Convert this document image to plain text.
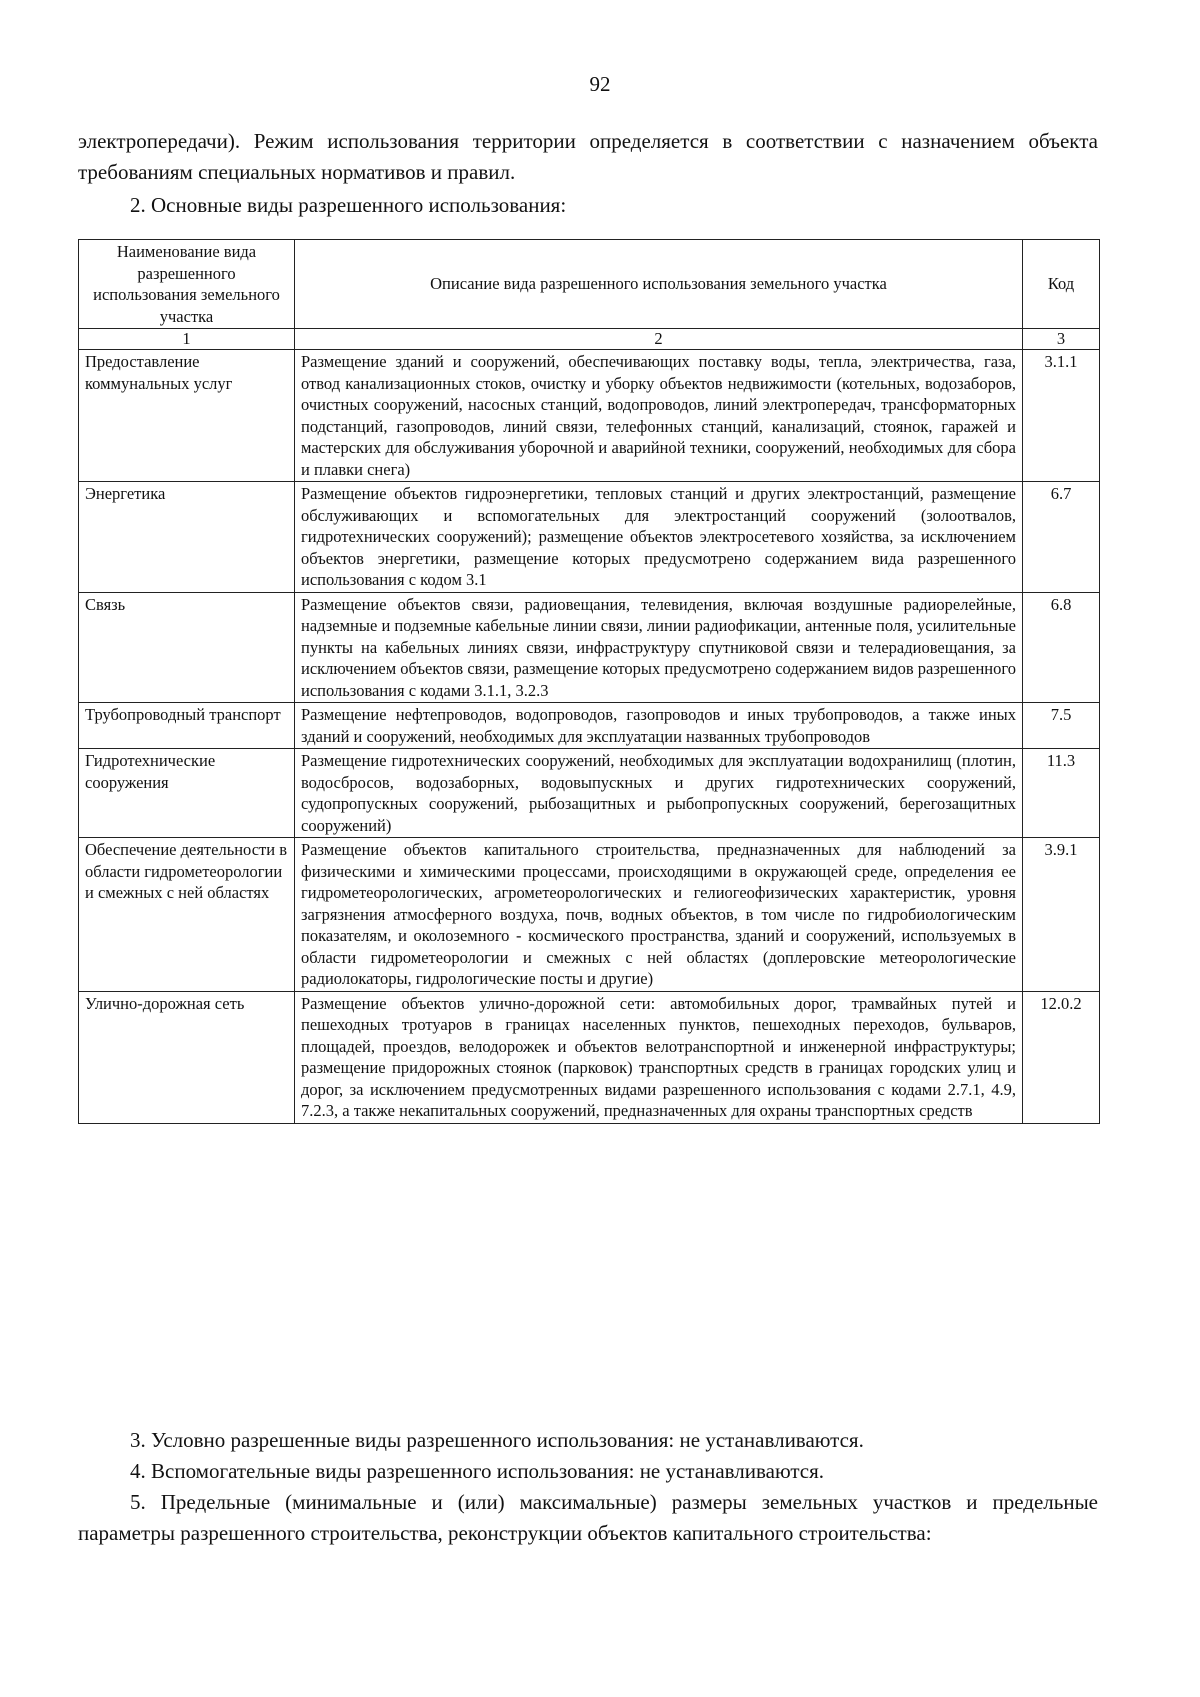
92
электропередачи). Режим использования территории определяется в соответствии с назначением объекта требованиям специальных нормативов и правил.
2. Основные виды разрешенного использования:
Наименование вида разрешенного использования земельного участка	Описание вида разрешенного использования земельного участка	Код
1	2	3
Предоставление коммунальных услуг	Размещение зданий и сооружений, обеспечивающих поставку воды, тепла, электричества, газа, отвод канализационных стоков, очистку и уборку объектов недвижимости (котельных, водозаборов, очистных сооружений, насосных станций, водопроводов, линий электропередач, трансформаторных подстанций, газопроводов, линий связи, телефонных станций, канализаций, стоянок, гаражей и мастерских для обслуживания уборочной и аварийной техники, сооружений, необходимых для сбора и плавки снега)	3.1.1
Энергетика	Размещение объектов гидроэнергетики, тепловых станций и других электростанций, размещение обслуживающих и вспомогательных для электростанций сооружений (золоотвалов, гидротехнических сооружений); размещение объектов электросетевого хозяйства, за исключением объектов энергетики, размещение которых предусмотрено содержанием вида разрешенного использования с кодом 3.1	6.7
Связь	Размещение объектов связи, радиовещания, телевидения, включая воздушные радиорелейные, надземные и подземные кабельные линии связи, линии радиофикации, антенные поля, усилительные пункты на кабельных линиях связи, инфраструктуру спутниковой связи и телерадиовещания, за исключением объектов связи, размещение которых предусмотрено содержанием видов разрешенного использования с кодами 3.1.1, 3.2.3	6.8
Трубопроводный транспорт	Размещение нефтепроводов, водопроводов, газопроводов и иных трубопроводов, а также иных зданий и сооружений, необходимых для эксплуатации названных трубопроводов	7.5
Гидротехнические сооружения	Размещение гидротехнических сооружений, необходимых для эксплуатации водохранилищ (плотин, водосбросов, водозаборных, водовыпускных и других гидротехнических сооружений, судопропускных сооружений, рыбозащитных и рыбопропускных сооружений, берегозащитных сооружений)	11.3
Обеспечение деятельности в области гидрометеорологии и смежных с ней областях	Размещение объектов капитального строительства, предназначенных для наблюдений за физическими и химическими процессами, происходящими в окружающей среде, определения ее гидрометеорологических, агрометеорологических и гелиогеофизических характеристик, уровня загрязнения атмосферного воздуха, почв, водных объектов, в том числе по гидробиологическим показателям, и околоземного - космического пространства, зданий и сооружений, используемых в области гидрометеорологии и смежных с ней областях (доплеровские метеорологические радиолокаторы, гидрологические посты и другие)	3.9.1
Улично-дорожная сеть	Размещение объектов улично-дорожной сети: автомобильных дорог, трамвайных путей и пешеходных тротуаров в границах населенных пунктов, пешеходных переходов, бульваров, площадей, проездов, велодорожек и объектов велотранспортной и инженерной инфраструктуры; размещение придорожных стоянок (парковок) транспортных средств в границах городских улиц и дорог, за исключением предусмотренных видами разрешенного использования с кодами 2.7.1, 4.9, 7.2.3, а также некапитальных сооружений, предназначенных для охраны транспортных средств	12.0.2
3. Условно разрешенные виды разрешенного использования: не устанавливаются.
4. Вспомогательные виды разрешенного использования: не устанавливаются.
5. Предельные (минимальные и (или) максимальные) размеры земельных участков и предельные параметры разрешенного строительства, реконструкции объектов капитального строительства:
